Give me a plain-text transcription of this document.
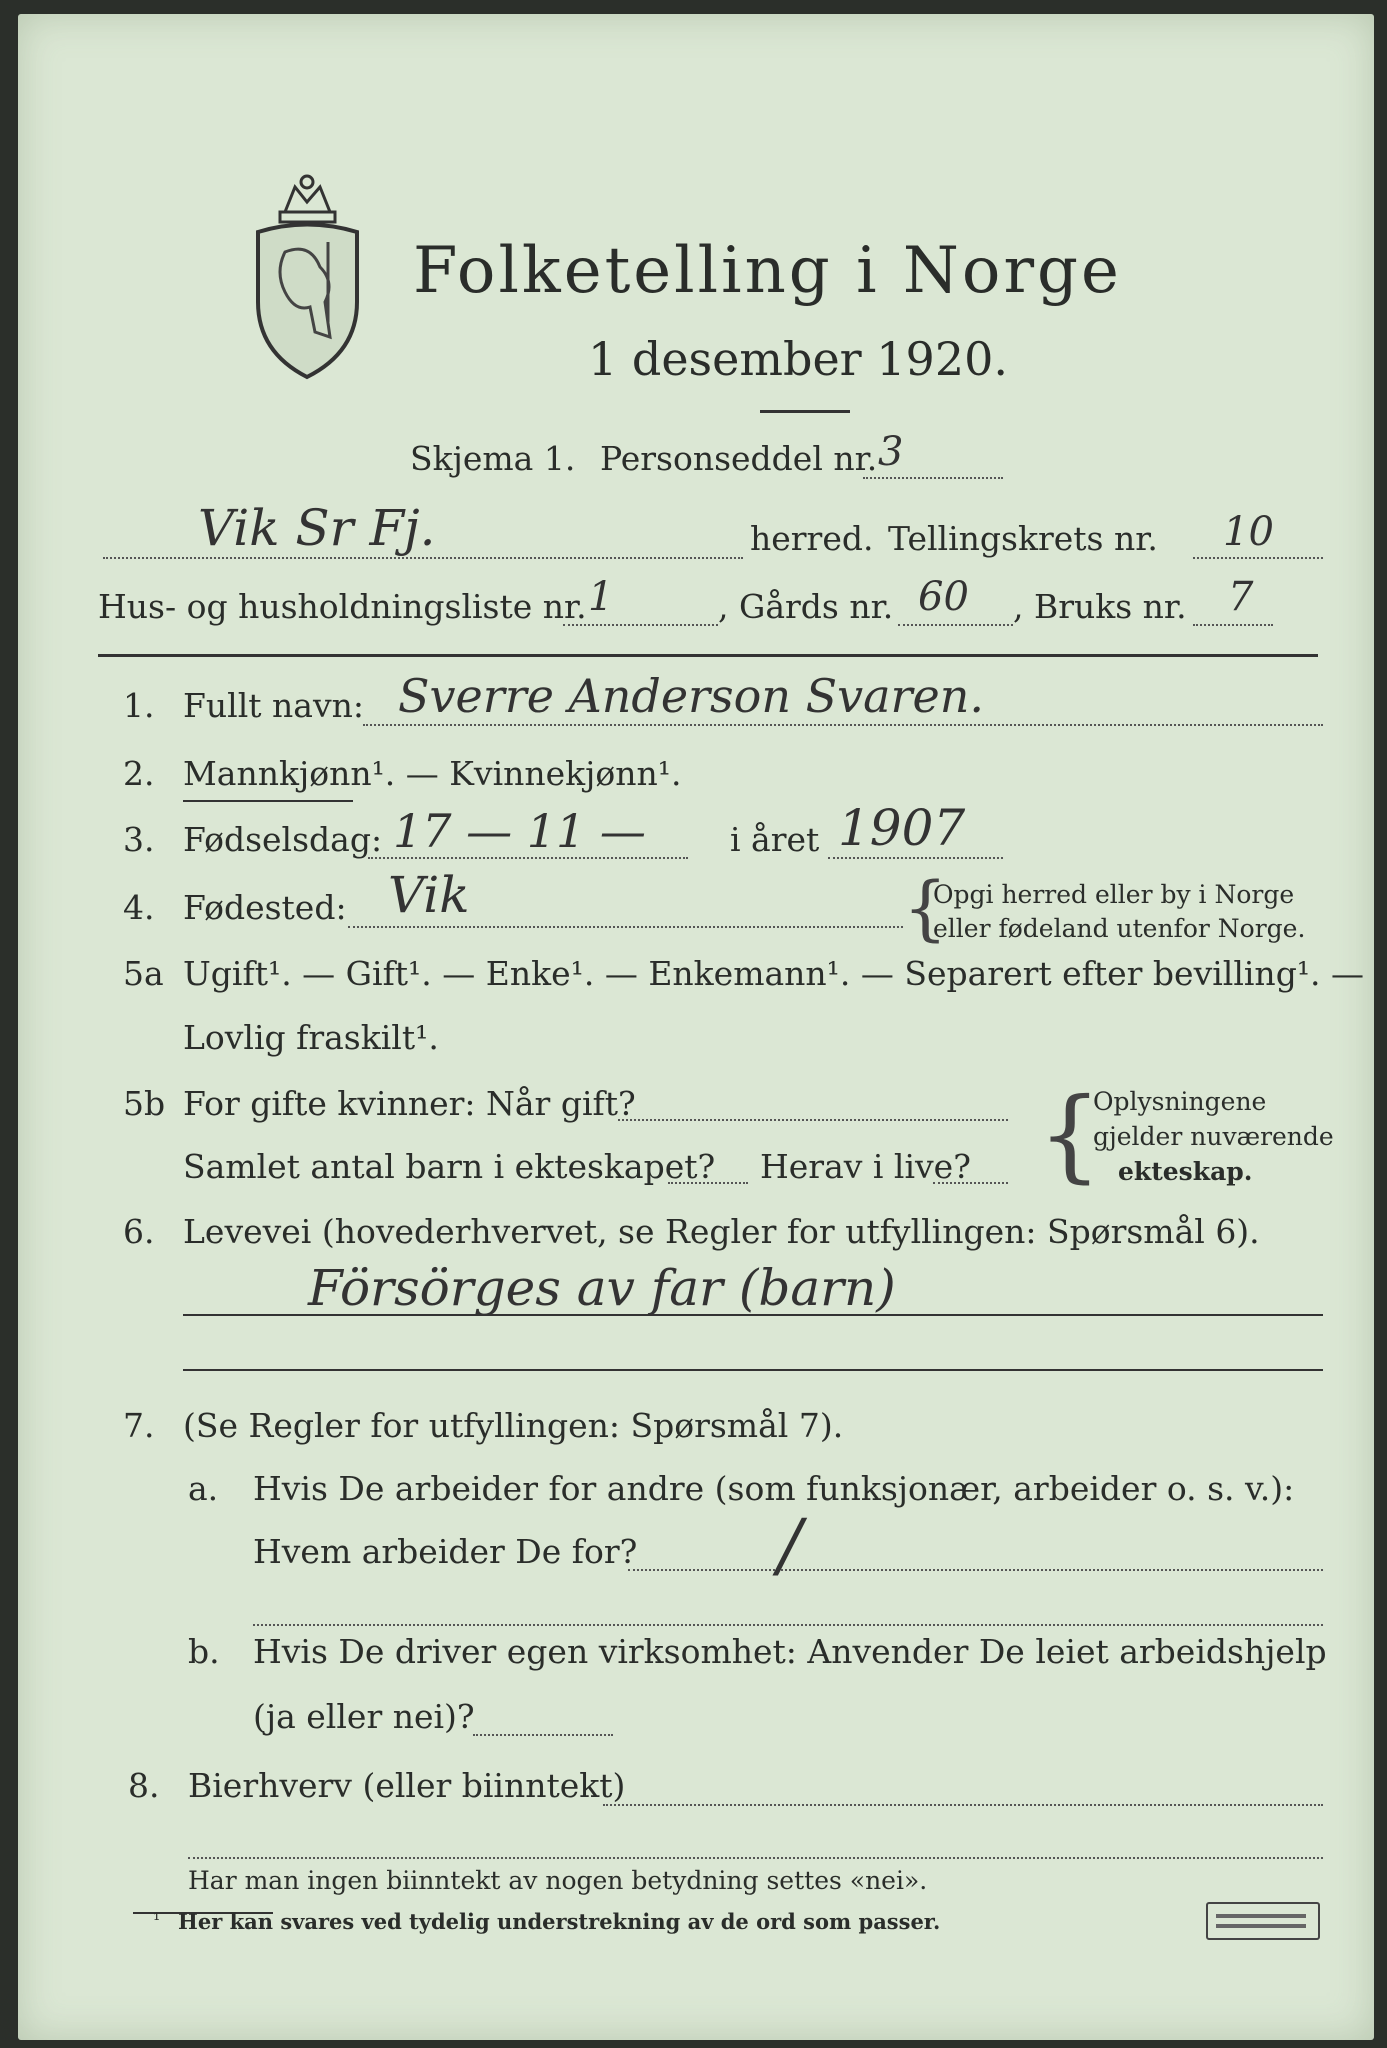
Folketelling i Norge
1 desember 1920.
Skjema 1. Personseddel nr. 3
Vik Sr Fj.	herred. Tellingskrets nr. 10
Hus- og husholdningsliste nr. 1	, Gårds nr. 60 , Bruks nr. 7
1. Fullt navn: Sverre Anderson Svaren.
2. Mannkjønn¹. — Kvinnekjønn¹.
3. Fødselsdag: 17 — 11 —	i året 1907
4. Fødested: Vik	{
Opgi herred eller by i Norge
eller fødeland utenfor Norge.
5a Ugift¹. — Gift¹. — Enke¹. — Enkemann¹. — Separert efter bevilling¹. —
Lovlig fraskilt¹.
5b For gifte kvinner: Når gift?
Samlet antal barn i ekteskapet? Herav i live? {
Oplysningene
gjelder nuværende
ekteskap.
6. Levevei (hovederhvervet, se Regler for utfyllingen: Spørsmål 6).
Försörges av far (barn)
7. (Se Regler for utfyllingen: Spørsmål 7).
a. Hvis De arbeider for andre (som funksjonær, arbeider o. s. v.):
Hvem arbeider De for? /
b. Hvis De driver egen virksomhet: Anvender De leiet arbeidshjelp
(ja eller nei)?
8. Bierhverv (eller biinntekt)
Har man ingen biinntekt av nogen betydning settes «nei».
¹ Her kan svares ved tydelig understrekning av de ord som passer.
